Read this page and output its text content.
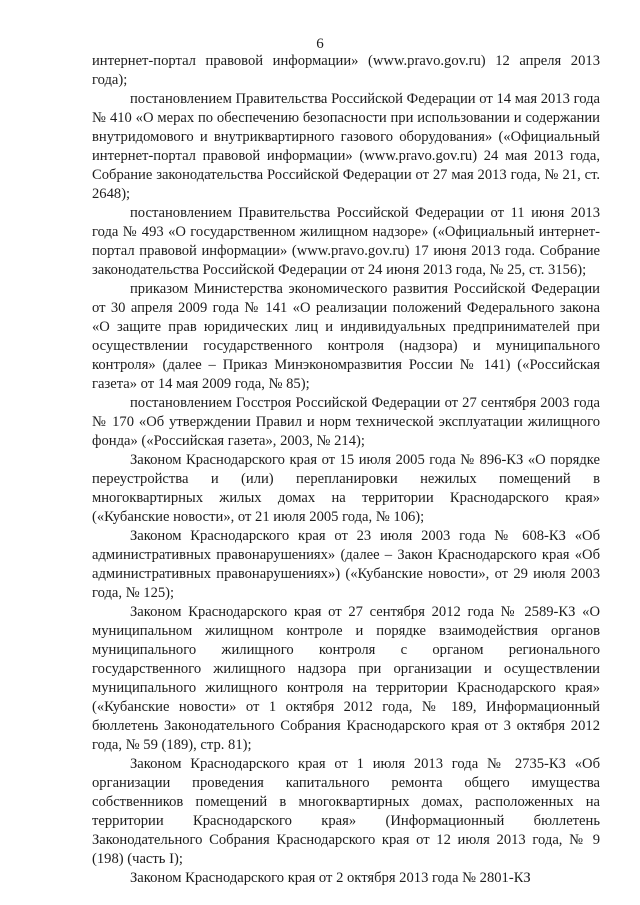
6

интернет-портал правовой информации» (www.pravo.gov.ru) 12 апреля 2013 года);

постановлением Правительства Российской Федерации от 14 мая 2013 года № 410 «О мерах по обеспечению безопасности при использовании и содержании внутридомового и внутриквартирного газового оборудования» («Официальный интернет-портал правовой информации» (www.pravo.gov.ru) 24 мая 2013 года, Собрание законодательства Российской Федерации от 27 мая 2013 года, № 21, ст. 2648);

постановлением Правительства Российской Федерации от 11 июня 2013 года № 493 «О государственном жилищном надзоре» («Официальный интернет-портал правовой информации» (www.pravo.gov.ru) 17 июня 2013 года. Собрание законодательства Российской Федерации от 24 июня 2013 года, № 25, ст. 3156);

приказом Министерства экономического развития Российской Федерации от 30 апреля 2009 года № 141 «О реализации положений Федерального закона «О защите прав юридических лиц и индивидуальных предпринимателей при осуществлении государственного контроля (надзора) и муниципального контроля» (далее – Приказ Минэкономразвития России № 141) («Российская газета» от 14 мая 2009 года, № 85);

постановлением Госстроя Российской Федерации от 27 сентября 2003 года № 170 «Об утверждении Правил и норм технической эксплуатации жилищного фонда» («Российская газета», 2003, № 214);

Законом Краснодарского края от 15 июля 2005 года № 896-КЗ «О порядке переустройства и (или) перепланировки нежилых помещений в многоквартирных жилых домах на территории Краснодарского края» («Кубанские новости», от 21 июля 2005 года, № 106);

Законом Краснодарского края от 23 июля 2003 года № 608-КЗ «Об административных правонарушениях» (далее – Закон Краснодарского края «Об административных правонарушениях») («Кубанские новости», от 29 июля 2003 года, № 125);

Законом Краснодарского края от 27 сентября 2012 года № 2589-КЗ «О муниципальном жилищном контроле и порядке взаимодействия органов муниципального жилищного контроля с органом регионального государственного жилищного надзора при организации и осуществлении муниципального жилищного контроля на территории Краснодарского края» («Кубанские новости» от 1 октября 2012 года, № 189, Информационный бюллетень Законодательного Собрания Краснодарского края от 3 октября 2012 года, № 59 (189), стр. 81);

Законом Краснодарского края от 1 июля 2013 года № 2735-КЗ «Об организации проведения капитального ремонта общего имущества собственников помещений в многоквартирных домах, расположенных на территории Краснодарского края» (Информационный бюллетень Законодательного Собрания Краснодарского края от 12 июля 2013 года, № 9 (198) (часть I);

Законом Краснодарского края от 2 октября 2013 года № 2801-КЗ
